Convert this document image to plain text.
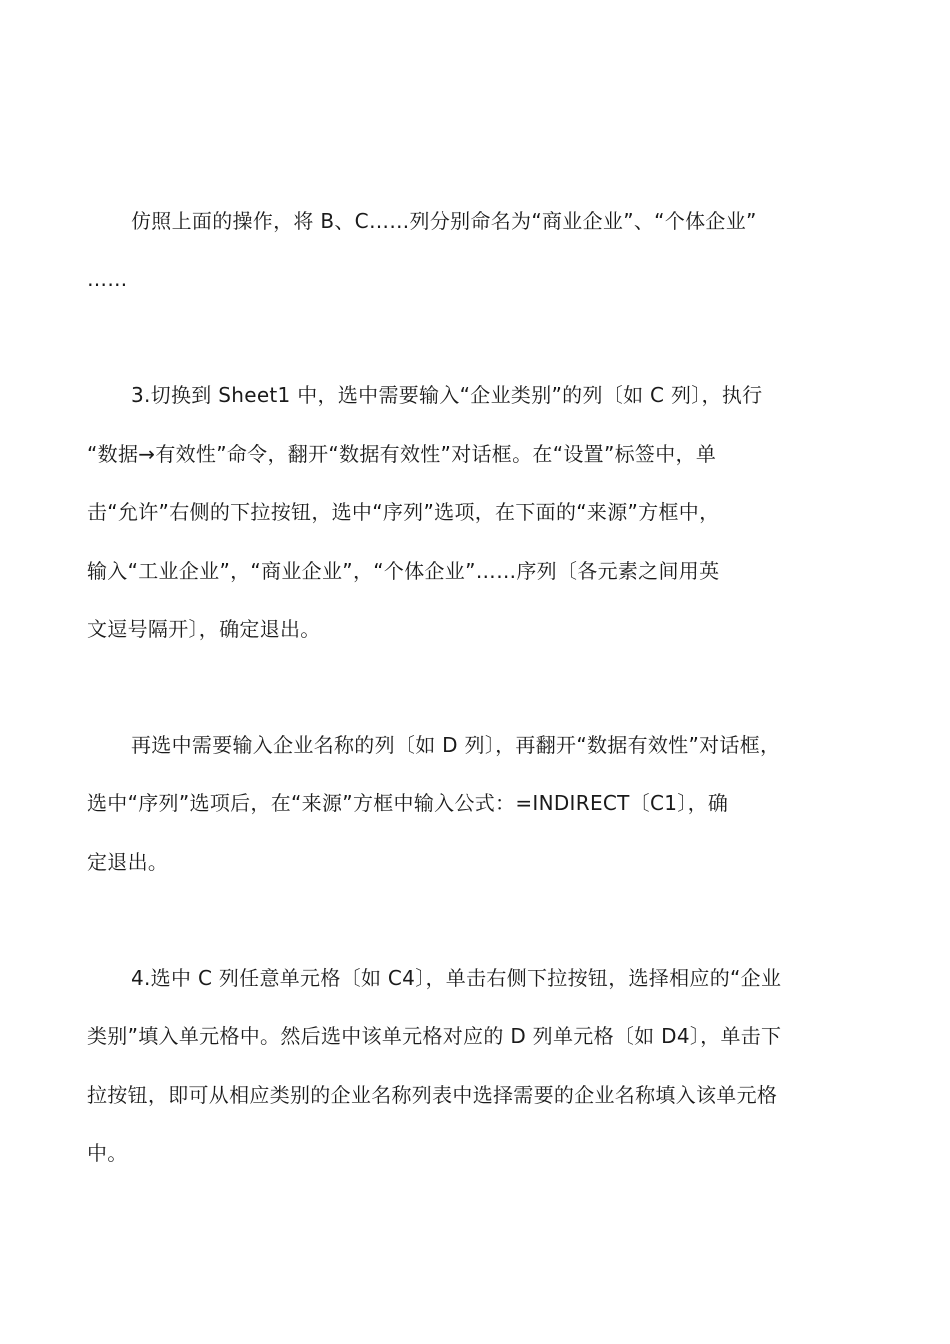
仿照上面的操作，将 B、C……列分别命名为“商业企业”、“个体企业”
……
3.切换到 Sheet1 中，选中需要输入“企业类别”的列〔如 C 列〕，执行
“数据→有效性”命令，翻开“数据有效性”对话框。在“设置”标签中，单
击“允许”右侧的下拉按钮，选中“序列”选项，在下面的“来源”方框中，
输入“工业企业”，“商业企业”，“个体企业”……序列〔各元素之间用英
文逗号隔开〕，确定退出。
再选中需要输入企业名称的列〔如 D 列〕，再翻开“数据有效性”对话框，
选中“序列”选项后，在“来源”方框中输入公式：=INDIRECT〔C1〕，确
定退出。
4.选中 C 列任意单元格〔如 C4〕，单击右侧下拉按钮，选择相应的“企业
类别”填入单元格中。然后选中该单元格对应的 D 列单元格〔如 D4〕，单击下
拉按钮，即可从相应类别的企业名称列表中选择需要的企业名称填入该单元格
中。
